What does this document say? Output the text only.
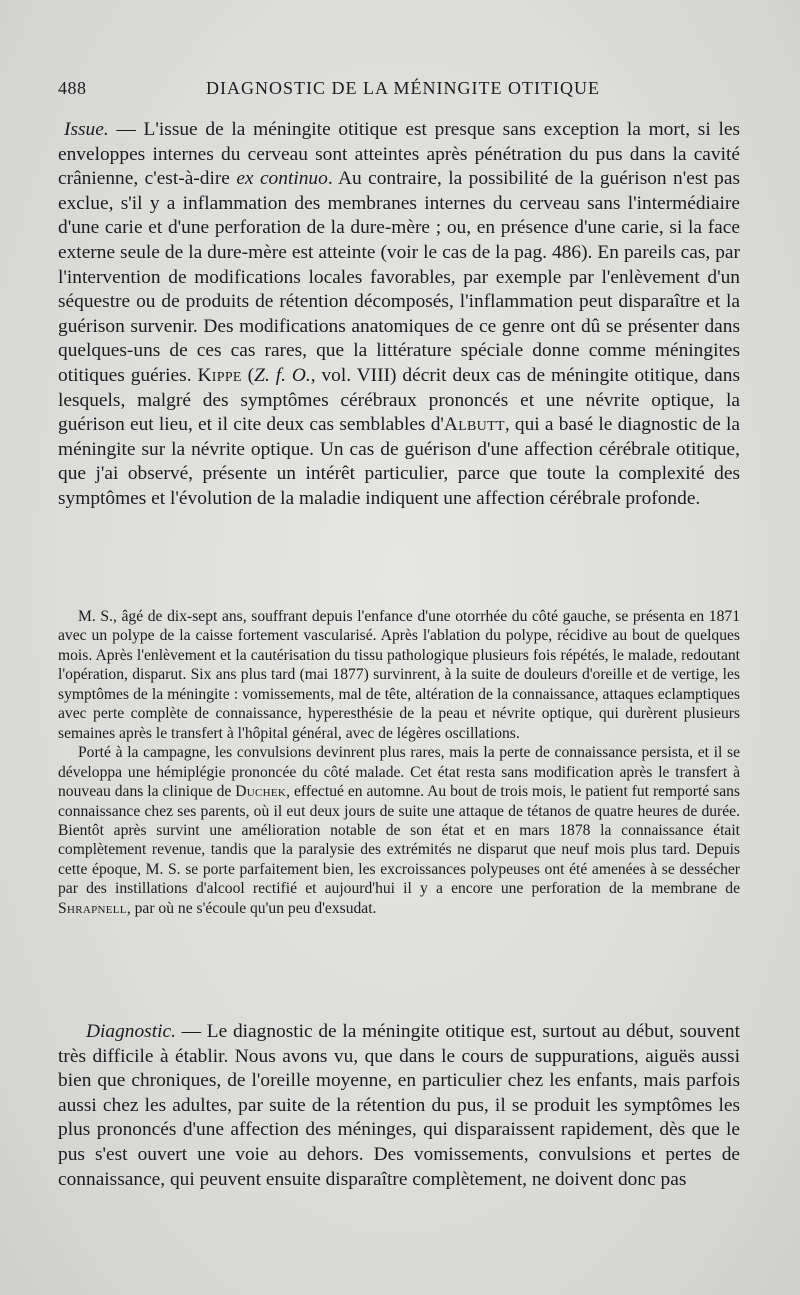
488	DIAGNOSTIC DE LA MÉNINGITE OTITIQUE

Issue. — L'issue de la méningite otitique est presque sans exception la mort, si les enveloppes internes du cerveau sont atteintes après pénétration du pus dans la cavité crânienne, c'est-à-dire ex continuo. Au contraire, la possibilité de la guérison n'est pas exclue, s'il y a inflammation des membranes internes du cerveau sans l'intermédiaire d'une carie et d'une perforation de la dure-mère ; ou, en présence d'une carie, si la face externe seule de la dure-mère est atteinte (voir le cas de la pag. 486). En pareils cas, par l'intervention de modifications locales favorables, par exemple par l'enlèvement d'un séquestre ou de produits de rétention décomposés, l'inflammation peut disparaître et la guérison survenir. Des modifications anatomiques de ce genre ont dû se présenter dans quelques-uns de ces cas rares, que la littérature spéciale donne comme méningites otitiques guéries. Kippe (Z. f. O., vol. VIII) décrit deux cas de méningite otitique, dans lesquels, malgré des symptômes cérébraux prononcés et une névrite optique, la guérison eut lieu, et il cite deux cas semblables d'Albutt, qui a basé le diagnostic de la méningite sur la névrite optique. Un cas de guérison d'une affection cérébrale otitique, que j'ai observé, présente un intérêt particulier, parce que toute la complexité des symptômes et l'évolution de la maladie indiquent une affection cérébrale profonde.

M. S., âgé de dix-sept ans, souffrant depuis l'enfance d'une otorrhée du côté gauche, se présenta en 1871 avec un polype de la caisse fortement vascularisé. Après l'ablation du polype, récidive au bout de quelques mois. Après l'enlèvement et la cautérisation du tissu pathologique plusieurs fois répétés, le malade, redoutant l'opération, disparut. Six ans plus tard (mai 1877) survinrent, à la suite de douleurs d'oreille et de vertige, les symptômes de la méningite : vomissements, mal de tête, altération de la connaissance, attaques eclamptiques avec perte complète de connaissance, hyperesthésie de la peau et névrite optique, qui durèrent plusieurs semaines après le transfert à l'hôpital général, avec de légères oscillations.

Porté à la campagne, les convulsions devinrent plus rares, mais la perte de connaissance persista, et il se développa une hémiplégie prononcée du côté malade. Cet état resta sans modification après le transfert à nouveau dans la clinique de Duchek, effectué en automne. Au bout de trois mois, le patient fut remporté sans connaissance chez ses parents, où il eut deux jours de suite une attaque de tétanos de quatre heures de durée. Bientôt après survint une amélioration notable de son état et en mars 1878 la connaissance était complètement revenue, tandis que la paralysie des extrémités ne disparut que neuf mois plus tard. Depuis cette époque, M. S. se porte parfaitement bien, les excroissances polypeuses ont été amenées à se dessécher par des instillations d'alcool rectifié et aujourd'hui il y a encore une perforation de la membrane de Shrapnell, par où ne s'écoule qu'un peu d'exsudat.

Diagnostic. — Le diagnostic de la méningite otitique est, surtout au début, souvent très difficile à établir. Nous avons vu, que dans le cours de suppurations, aiguës aussi bien que chroniques, de l'oreille moyenne, en particulier chez les enfants, mais parfois aussi chez les adultes, par suite de la rétention du pus, il se produit les symptômes les plus prononcés d'une affection des méninges, qui disparaissent rapidement, dès que le pus s'est ouvert une voie au dehors. Des vomissements, convulsions et pertes de connaissance, qui peuvent ensuite disparaître complètement, ne doivent donc pas
